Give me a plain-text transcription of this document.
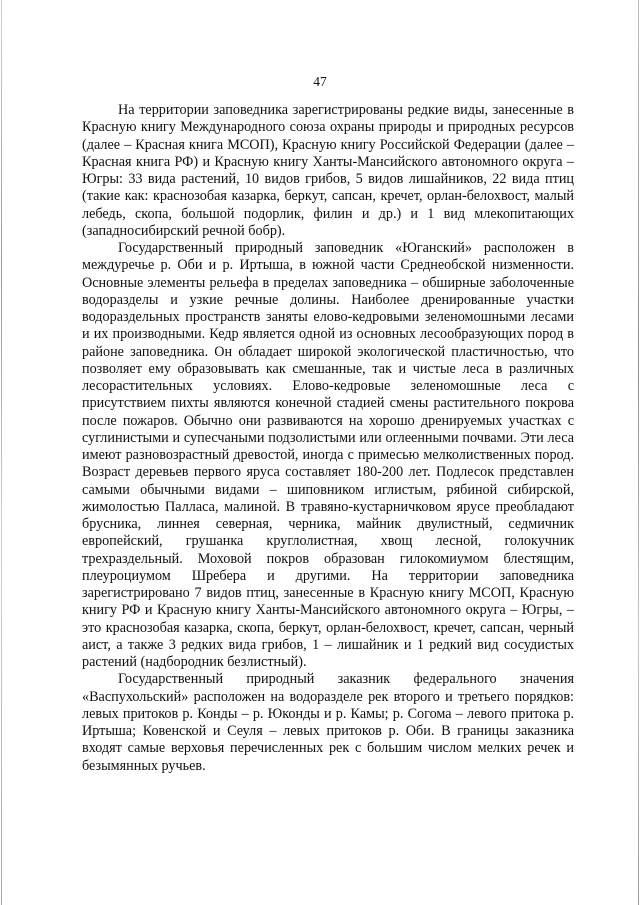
47

На территории заповедника зарегистрированы редкие виды, занесенные в Красную книгу Международного союза охраны природы и природных ресурсов (далее – Красная книга МСОП), Красную книгу Российской Федерации (далее – Красная книга РФ) и Красную книгу Ханты-Мансийского автономного округа – Югры: 33 вида растений, 10 видов грибов, 5 видов лишайников, 22 вида птиц (такие как: краснозобая казарка, беркут, сапсан, кречет, орлан-белохвост, малый лебедь, скопа, большой подорлик, филин и др.) и 1 вид млекопитающих (западносибирский речной бобр).

Государственный природный заповедник «Юганский» расположен в междуречье р. Оби и р. Иртыша, в южной части Среднеобской низменности. Основные элементы рельефа в пределах заповедника – обширные заболоченные водоразделы и узкие речные долины. Наиболее дренированные участки водораздельных пространств заняты елово-кедровыми зеленомошными лесами и их производными. Кедр является одной из основных лесообразующих пород в районе заповедника. Он обладает широкой экологической пластичностью, что позволяет ему образовывать как смешанные, так и чистые леса в различных лесорастительных условиях. Елово-кедровые зеленомошные леса с присутствием пихты являются конечной стадией смены растительного покрова после пожаров. Обычно они развиваются на хорошо дренируемых участках с суглинистыми и супесчаными подзолистыми или оглеенными почвами. Эти леса имеют разновозрастный древостой, иногда с примесью мелколиственных пород. Возраст деревьев первого яруса составляет 180-200 лет. Подлесок представлен самыми обычными видами – шиповником иглистым, рябиной сибирской, жимолостью Палласа, малиной. В травяно-кустарничковом ярусе преобладают брусника, линнея северная, черника, майник двулистный, седмичник европейский, грушанка круглолистная, хвощ лесной, голокучник трехраздельный. Моховой покров образован гилокомиумом блестящим, плеуроциумом Шребера и другими. На территории заповедника зарегистрировано 7 видов птиц, занесенные в Красную книгу МСОП, Красную книгу РФ и Красную книгу Ханты-Мансийского автономного округа – Югры, – это краснозобая казарка, скопа, беркут, орлан-белохвост, кречет, сапсан, черный аист, а также 3 редких вида грибов, 1 – лишайник и 1 редкий вид сосудистых растений (надбородник безлистный).

Государственный природный заказник федерального значения «Васпухольский» расположен на водоразделе рек второго и третьего порядков: левых притоков р. Конды – р. Юконды и р. Камы; р. Согома – левого притока р. Иртыша; Ковенской и Сеуля – левых притоков р. Оби. В границы заказника входят самые верховья перечисленных рек с большим числом мелких речек и безымянных ручьев.
